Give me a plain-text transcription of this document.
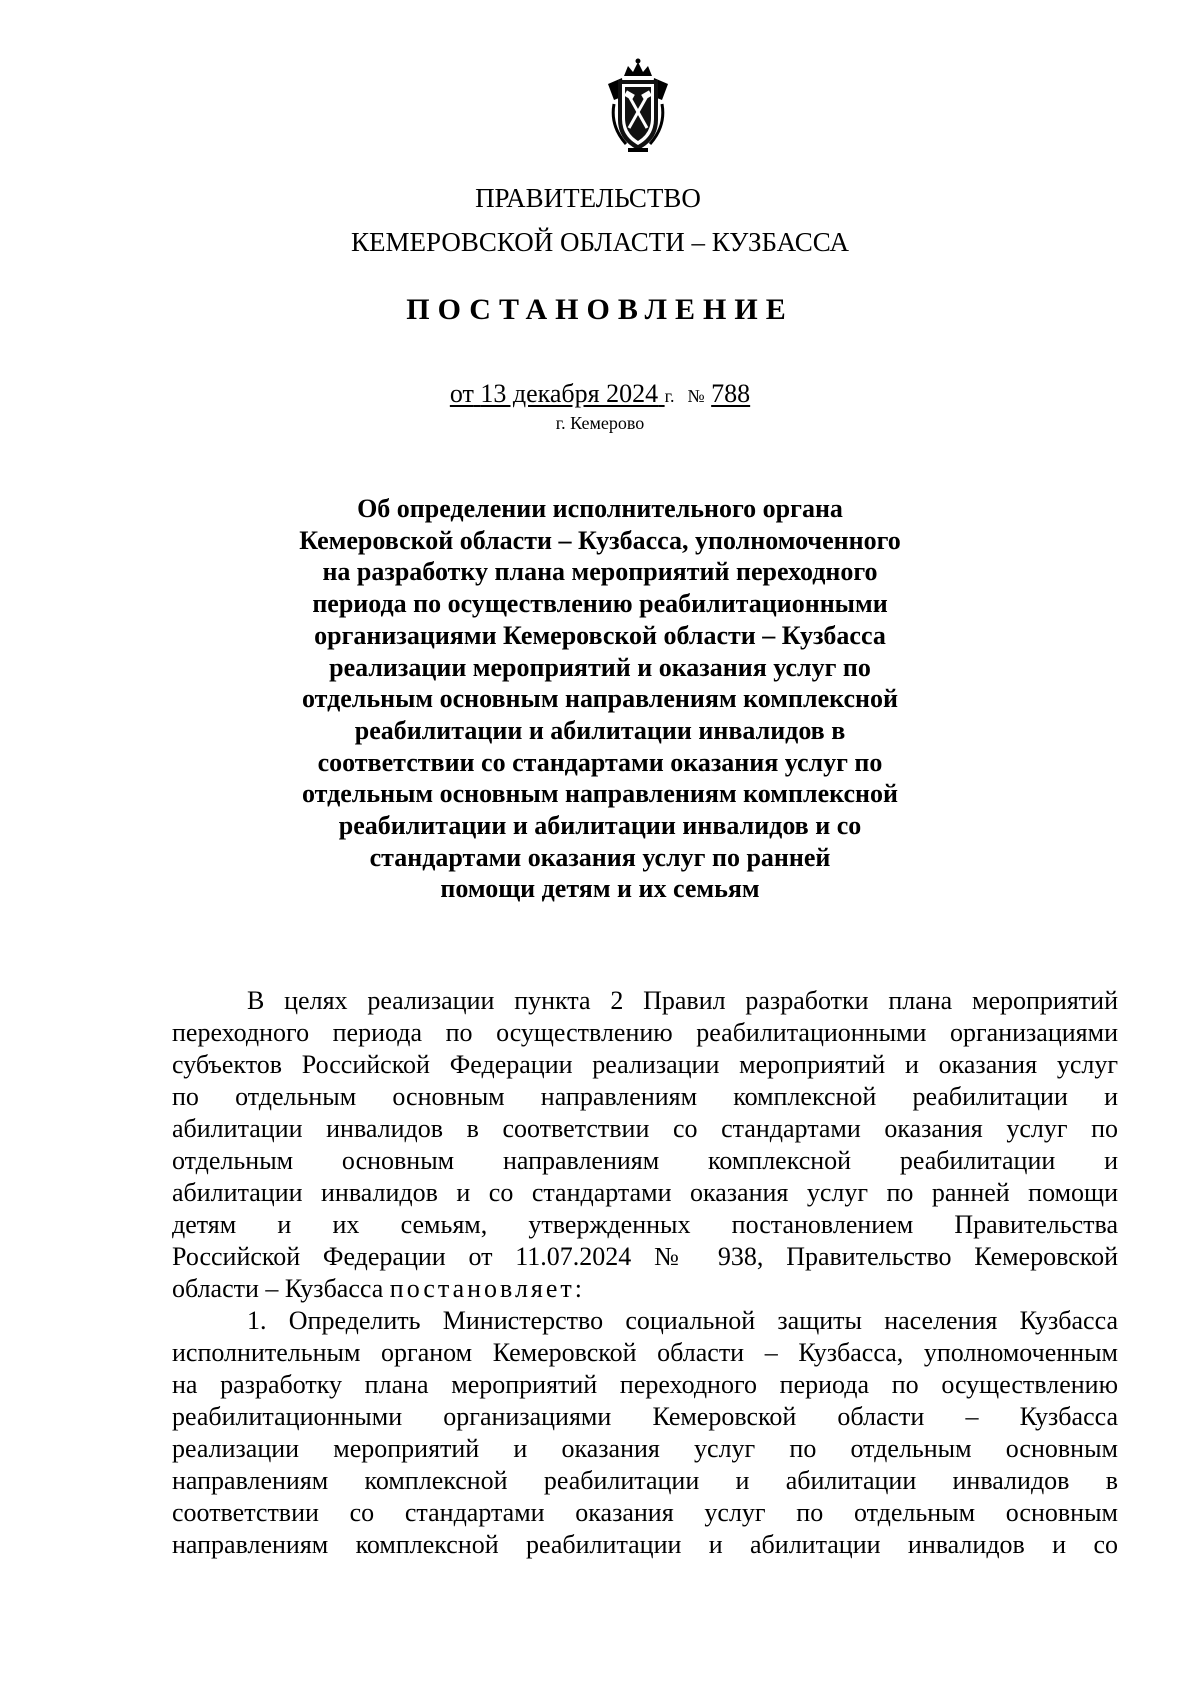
ПРАВИТЕЛЬСТВО
КЕМЕРОВСКОЙ ОБЛАСТИ – КУЗБАССА
ПОСТАНОВЛЕНИЕ
от 13 декабря 2024 г. № 788
г. Кемерово
Об определении исполнительного органа
Кемеровской области – Кузбасса, уполномоченного
на разработку плана мероприятий переходного
периода по осуществлению реабилитационными
организациями Кемеровской области – Кузбасса
реализации мероприятий и оказания услуг по
отдельным основным направлениям комплексной
реабилитации и абилитации инвалидов в
соответствии со стандартами оказания услуг по
отдельным основным направлениям комплексной
реабилитации и абилитации инвалидов и со
стандартами оказания услуг по ранней
помощи детям и их семьям
В целях реализации пункта 2 Правил разработки плана мероприятий
переходного периода по осуществлению реабилитационными организациями
субъектов Российской Федерации реализации мероприятий и оказания услуг
по отдельным основным направлениям комплексной реабилитации и
абилитации инвалидов в соответствии со стандартами оказания услуг по
отдельным основным направлениям комплексной реабилитации и
абилитации инвалидов и со стандартами оказания услуг по ранней помощи
детям и их семьям, утвержденных постановлением Правительства
Российской Федерации от 11.07.2024 № 938, Правительство Кемеровской
области – Кузбасса постановляет:
1. Определить Министерство социальной защиты населения Кузбасса
исполнительным органом Кемеровской области – Кузбасса, уполномоченным
на разработку плана мероприятий переходного периода по осуществлению
реабилитационными организациями Кемеровской области – Кузбасса
реализации мероприятий и оказания услуг по отдельным основным
направлениям комплексной реабилитации и абилитации инвалидов в
соответствии со стандартами оказания услуг по отдельным основным
направлениям комплексной реабилитации и абилитации инвалидов и со
